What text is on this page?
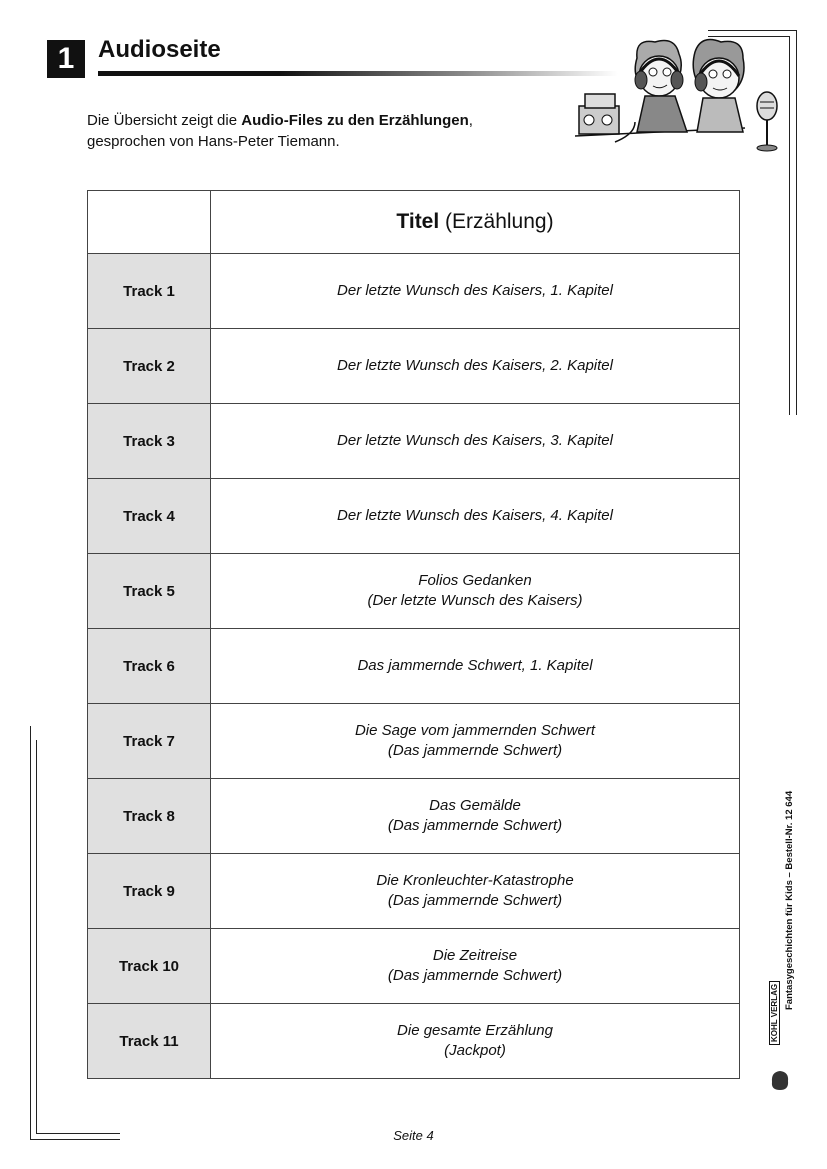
1 Audioseite
Die Übersicht zeigt die Audio-Files zu den Erzählungen,
gesprochen von Hans-Peter Tiemann.
	Titel (Erzählung)
Track 1	Der letzte Wunsch des Kaisers, 1. Kapitel

Track 2	Der letzte Wunsch des Kaisers, 2. Kapitel

Track 3	Der letzte Wunsch des Kaisers, 3. Kapitel

Track 4	Der letzte Wunsch des Kaisers, 4. Kapitel

Track 5	Folios Gedanken
(Der letzte Wunsch des Kaisers)

Track 6	Das jammernde Schwert, 1. Kapitel

Track 7	Die Sage vom jammernden Schwert
(Das jammernde Schwert)

Track 8	Das Gemälde
(Das jammernde Schwert)

Track 9	Die Kronleuchter-Katastrophe
(Das jammernde Schwert)

Track 10	Die Zeitreise
(Das jammernde Schwert)

Track 11	Die gesamte Erzählung
(Jackpot)
Seite 4
Fantasygeschichten für Kids – Bestell-Nr. 12 644
KOHL VERLAG
